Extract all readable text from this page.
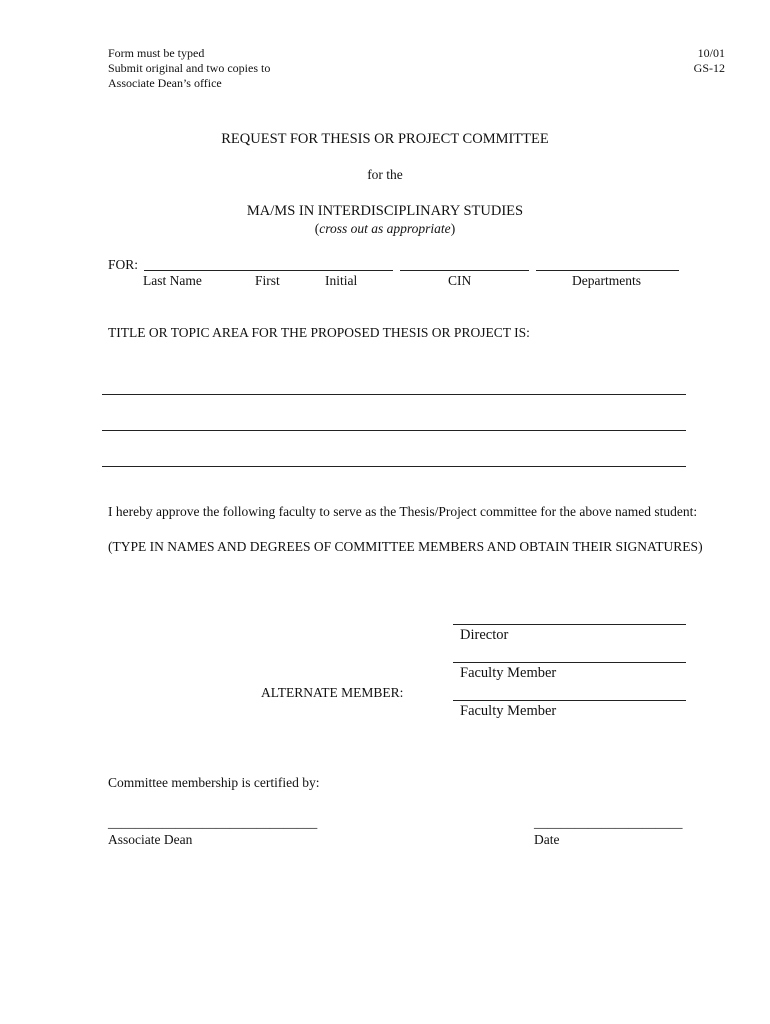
Form must be typed
Submit original and two copies to
Associate Dean’s office
10/01
GS-12
REQUEST FOR THESIS OR PROJECT COMMITTEE
for the
MA/MS IN INTERDISCIPLINARY STUDIES
(cross out as appropriate)
FOR:
Last Name	First	Initial	CIN	Departments
TITLE OR TOPIC AREA FOR THE PROPOSED THESIS OR PROJECT IS:
I hereby approve the following faculty to serve as the Thesis/Project committee for the above named student:
(TYPE IN NAMES AND DEGREES OF COMMITTEE MEMBERS AND OBTAIN THEIR SIGNATURES)
Director
Faculty Member
ALTERNATE MEMBER:
Faculty Member
Committee membership is certified by:
_______________________________
Associate Dean
______________________
Date
